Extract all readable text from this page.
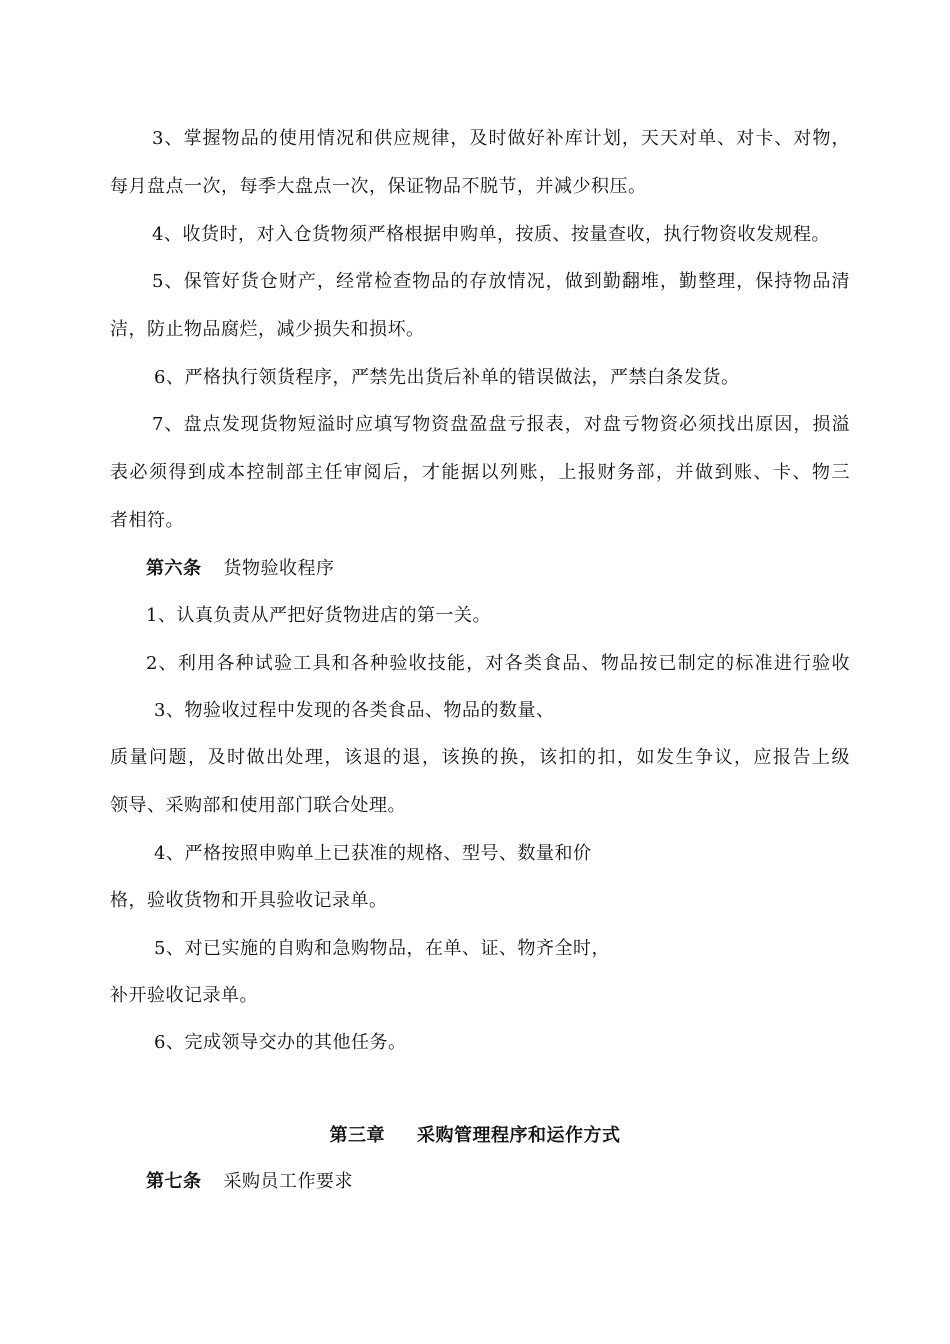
3、掌握物品的使用情况和供应规律，及时做好补库计划，天天对单、对卡、对物，
每月盘点一次，每季大盘点一次，保证物品不脱节，并减少积压。
4、收货时，对入仓货物须严格根据申购单，按质、按量查收，执行物资收发规程。
5、保管好货仓财产，经常检查物品的存放情况，做到勤翻堆，勤整理，保持物品清
洁，防止物品腐烂，减少损失和损坏。
6、严格执行领货程序，严禁先出货后补单的错误做法，严禁白条发货。
7、盘点发现货物短溢时应填写物资盘盈盘亏报表，对盘亏物资必须找出原因，损溢
表必须得到成本控制部主任审阅后，才能据以列账，上报财务部，并做到账、卡、物三
者相符。
第六条 货物验收程序
1、认真负责从严把好货物进店的第一关。
2、利用各种试验工具和各种验收技能，对各类食品、物品按已制定的标准进行验收
3、物验收过程中发现的各类食品、物品的数量、
质量问题，及时做出处理，该退的退，该换的换，该扣的扣，如发生争议，应报告上级
领导、采购部和使用部门联合处理。
4、严格按照申购单上已获准的规格、型号、数量和价
格，验收货物和开具验收记录单。
5、对已实施的自购和急购物品，在单、证、物齐全时，
补开验收记录单。
6、完成领导交办的其他任务。
第三章 采购管理程序和运作方式
第七条 采购员工作要求
